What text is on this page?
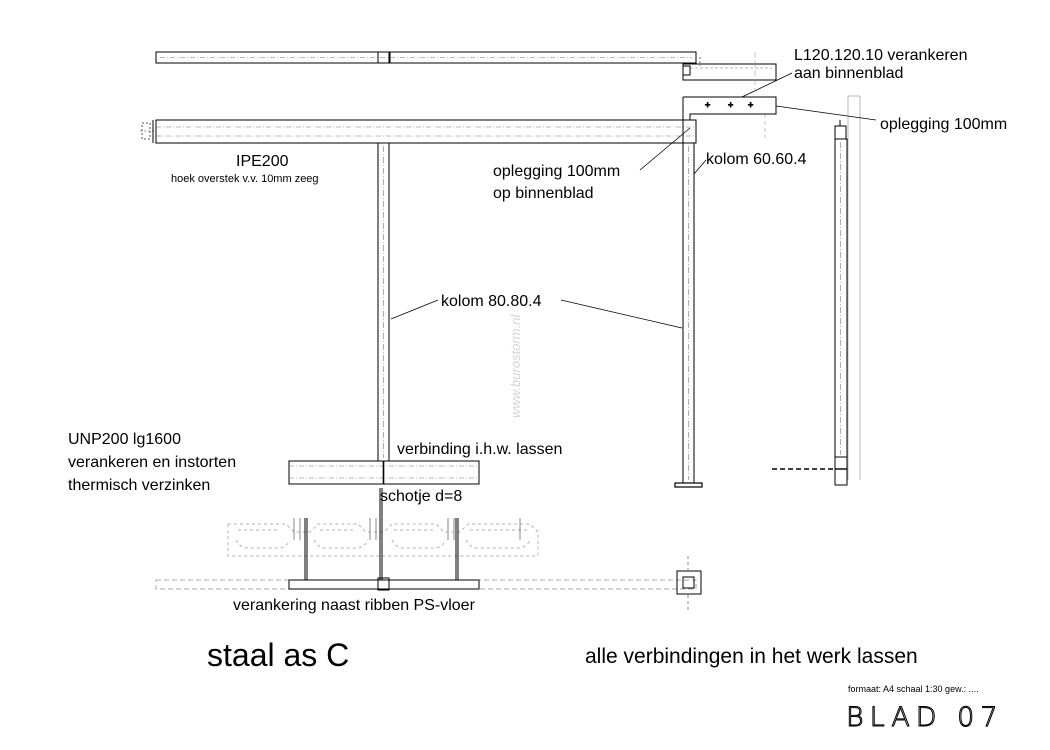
+ + +
www.burostorm.nl
L120.120.10 verankeren
aan binnenblad
oplegging 100mm
IPE200
hoek overstek v.v. 10mm zeeg	oplegging 100mm
op binnenblad
kolom 60.60.4
kolom 80.80.4
UNP200 lg1600
verankeren en instorten
thermisch verzinken
verbinding i.h.w. lassen
schotje d=8
verankering naast ribben PS-vloer
staal as C	alle verbindingen in het werk lassen
formaat: A4 schaal 1:30 gew.: ....
BLAD 07
